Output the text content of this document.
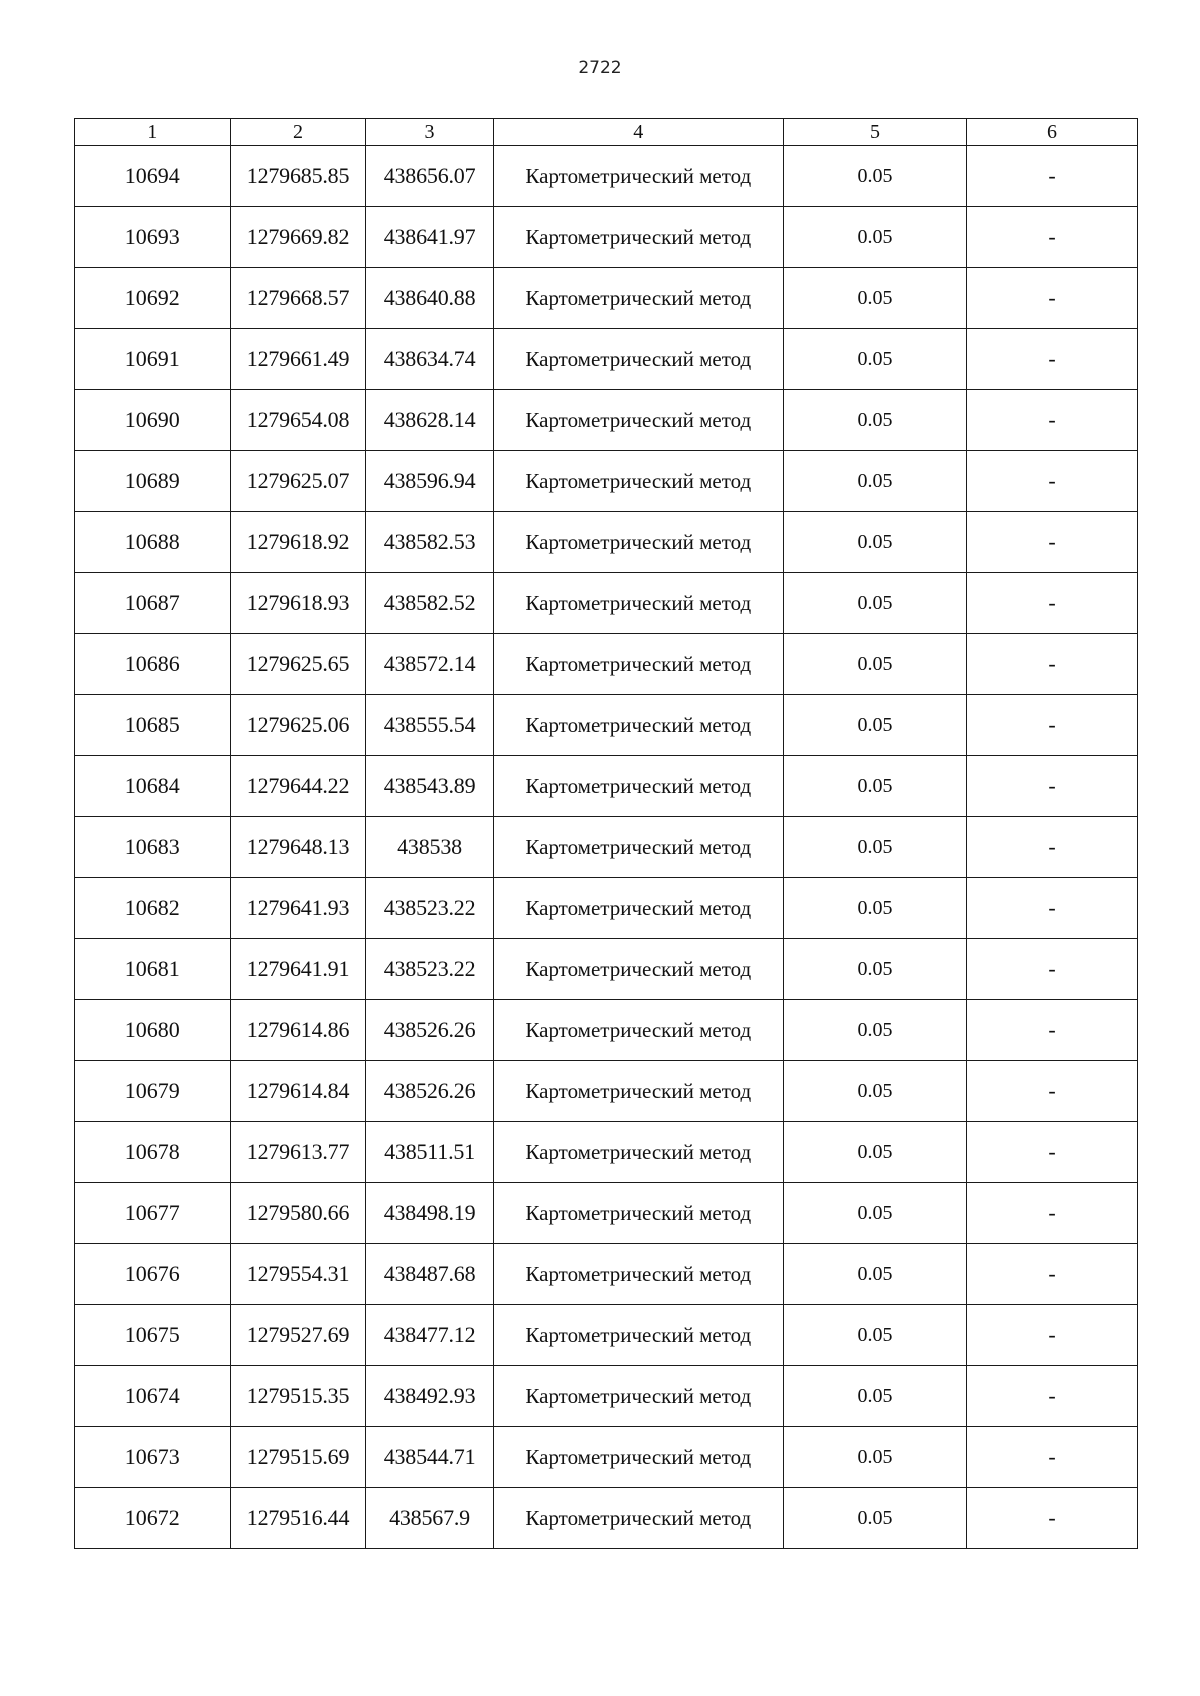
2722
1	2	3	4	5	6
10694	1279685.85	438656.07	Картометрический метод	0.05	-
10693	1279669.82	438641.97	Картометрический метод	0.05	-
10692	1279668.57	438640.88	Картометрический метод	0.05	-
10691	1279661.49	438634.74	Картометрический метод	0.05	-
10690	1279654.08	438628.14	Картометрический метод	0.05	-
10689	1279625.07	438596.94	Картометрический метод	0.05	-
10688	1279618.92	438582.53	Картометрический метод	0.05	-
10687	1279618.93	438582.52	Картометрический метод	0.05	-
10686	1279625.65	438572.14	Картометрический метод	0.05	-
10685	1279625.06	438555.54	Картометрический метод	0.05	-
10684	1279644.22	438543.89	Картометрический метод	0.05	-
10683	1279648.13	438538	Картометрический метод	0.05	-
10682	1279641.93	438523.22	Картометрический метод	0.05	-
10681	1279641.91	438523.22	Картометрический метод	0.05	-
10680	1279614.86	438526.26	Картометрический метод	0.05	-
10679	1279614.84	438526.26	Картометрический метод	0.05	-
10678	1279613.77	438511.51	Картометрический метод	0.05	-
10677	1279580.66	438498.19	Картометрический метод	0.05	-
10676	1279554.31	438487.68	Картометрический метод	0.05	-
10675	1279527.69	438477.12	Картометрический метод	0.05	-
10674	1279515.35	438492.93	Картометрический метод	0.05	-
10673	1279515.69	438544.71	Картометрический метод	0.05	-
10672	1279516.44	438567.9	Картометрический метод	0.05	-
